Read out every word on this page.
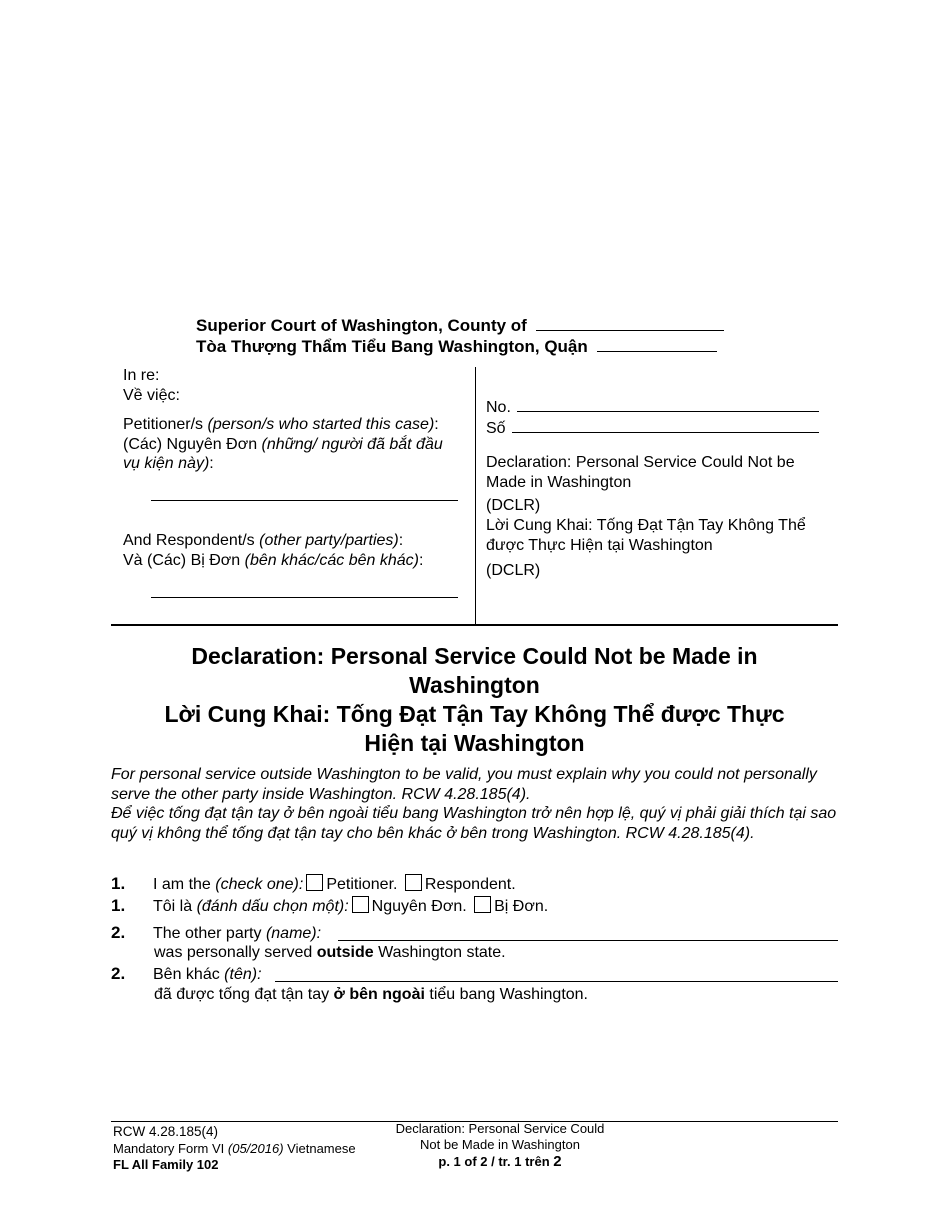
Superior Court of Washington, County of
Tòa Thượng Thẩm Tiểu Bang Washington, Quận

In re:

Về việc:

Petitioner/s (person/s who started this case):

(Các) Nguyên Đơn (những/ người đã bắt đầu vụ kiện này):

And Respondent/s (other party/parties):

Và (Các) Bị Đơn (bên khác/các bên khác):

No.
Số
Declaration: Personal Service Could Not be Made in Washington
(DCLR)
Lời Cung Khai: Tống Đạt Tận Tay Không Thể được Thực Hiện tại Washington
(DCLR)
Declaration: Personal Service Could Not be Made in
Washington
Lời Cung Khai: Tống Đạt Tận Tay Không Thể được Thực
Hiện tại Washington

For personal service outside Washington to be valid, you must explain why you could not personally serve the other party inside Washington. RCW 4.28.185(4).

Để việc tống đạt tận tay ở bên ngoài tiểu bang Washington trở nên hợp lệ, quý vị phải giải thích tại sao quý vị không thể tống đạt tận tay cho bên khác ở bên trong Washington. RCW 4.28.185(4).

1. I am the (check one): Petitioner. Respondent.
1. Tôi là (đánh dấu chọn một): Nguyên Đơn. Bị Đơn.
2. The other party (name):
was personally served outside Washington state.
2. Bên khác (tên):
đã được tống đạt tận tay ở bên ngoài tiểu bang Washington.
RCW 4.28.185(4)
Mandatory Form VI (05/2016) Vietnamese
FL All Family 102
Declaration: Personal Service Could
Not be Made in Washington
p. 1 of 2 / tr. 1 trên 2
